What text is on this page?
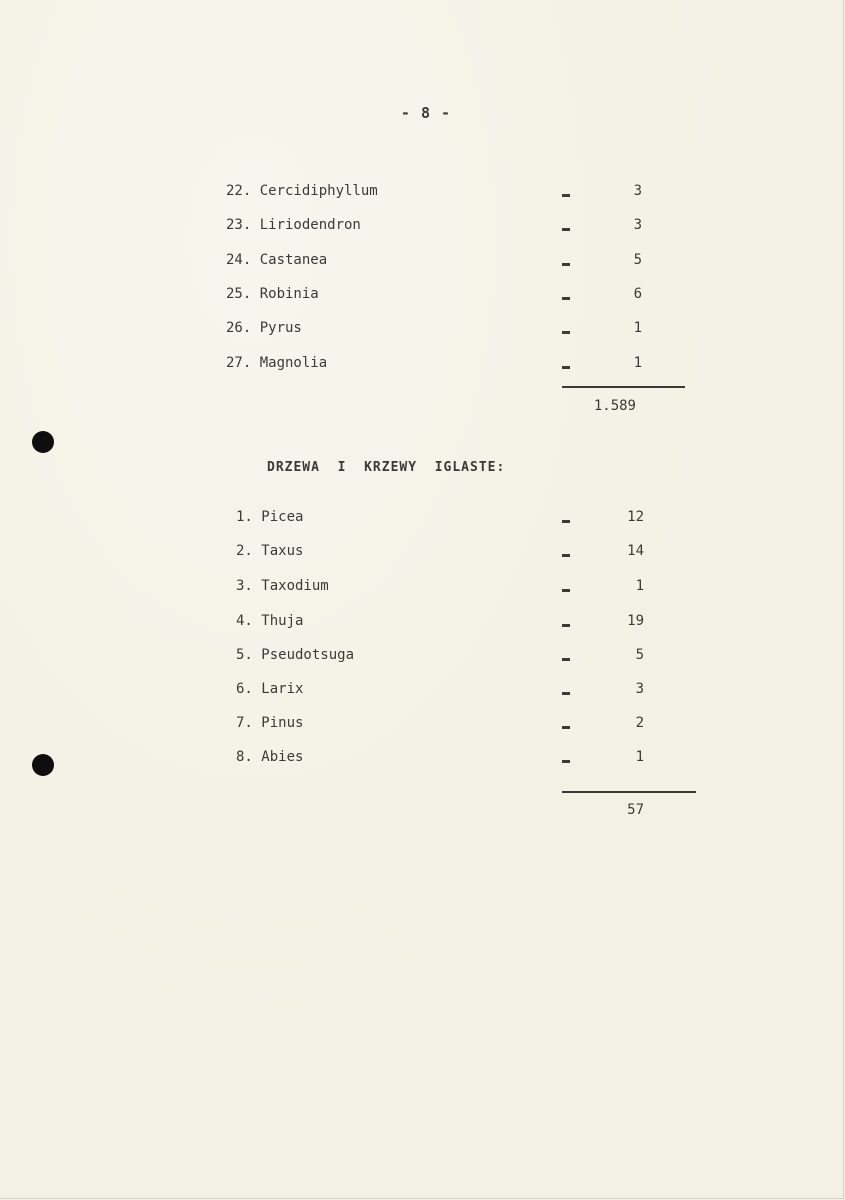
- 8 -
22. Cercidiphyllum	3
23. Liriodendron	3
24. Castanea	5
25. Robinia	6
26. Pyrus	1
27. Magnolia	1
1.589
DRZEWA  I  KRZEWY  IGLASTE:
1. Picea	12
2. Taxus	14
3. Taxodium	1
4. Thuja	19
5. Pseudotsuga	5
6. Larix	3
7. Pinus	2
8. Abies	1
57
